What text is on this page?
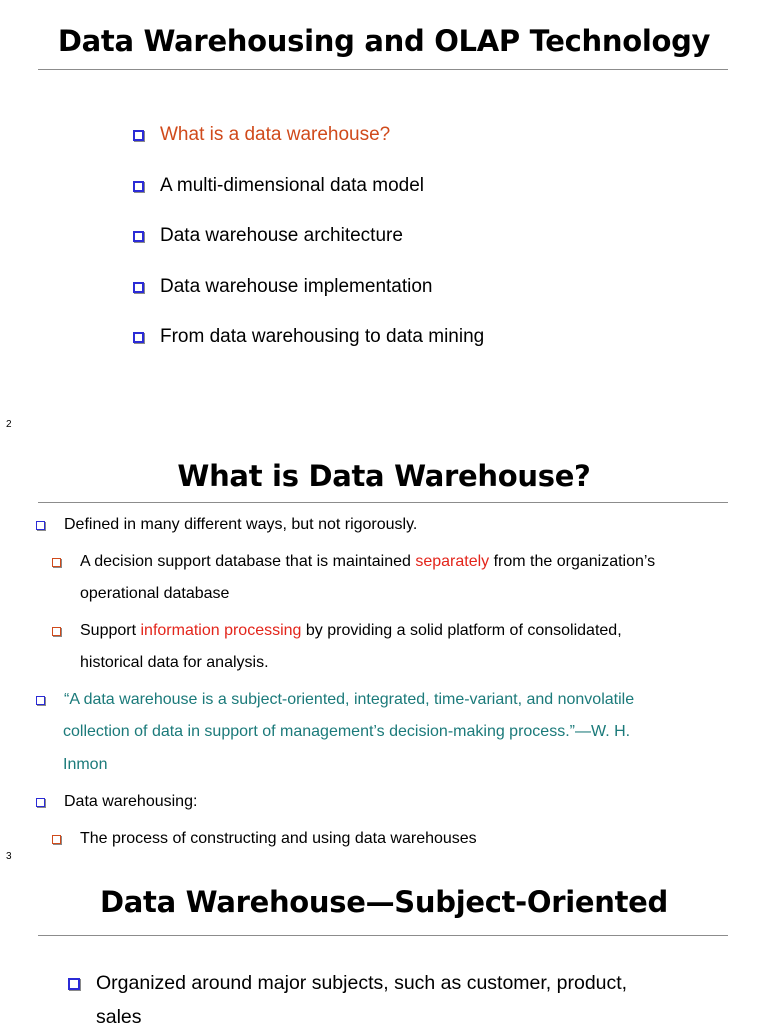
Data Warehousing and OLAP Technology
What is a data warehouse?
A multi-dimensional data model
Data warehouse architecture
Data warehouse implementation
From data warehousing to data mining
2
What is Data Warehouse?
Defined in many different ways, but not rigorously.
A decision support database that is maintained separately from the organization’s
operational database
Support information processing by providing a solid platform of consolidated,
historical data for analysis.
“A data warehouse is a subject-oriented, integrated, time-variant, and nonvolatile
collection of data in support of management’s decision-making process.”—W. H.
Inmon
Data warehousing:
The process of constructing and using data warehouses
3
Data Warehouse—Subject-Oriented
Organized around major subjects, such as customer, product,
sales
